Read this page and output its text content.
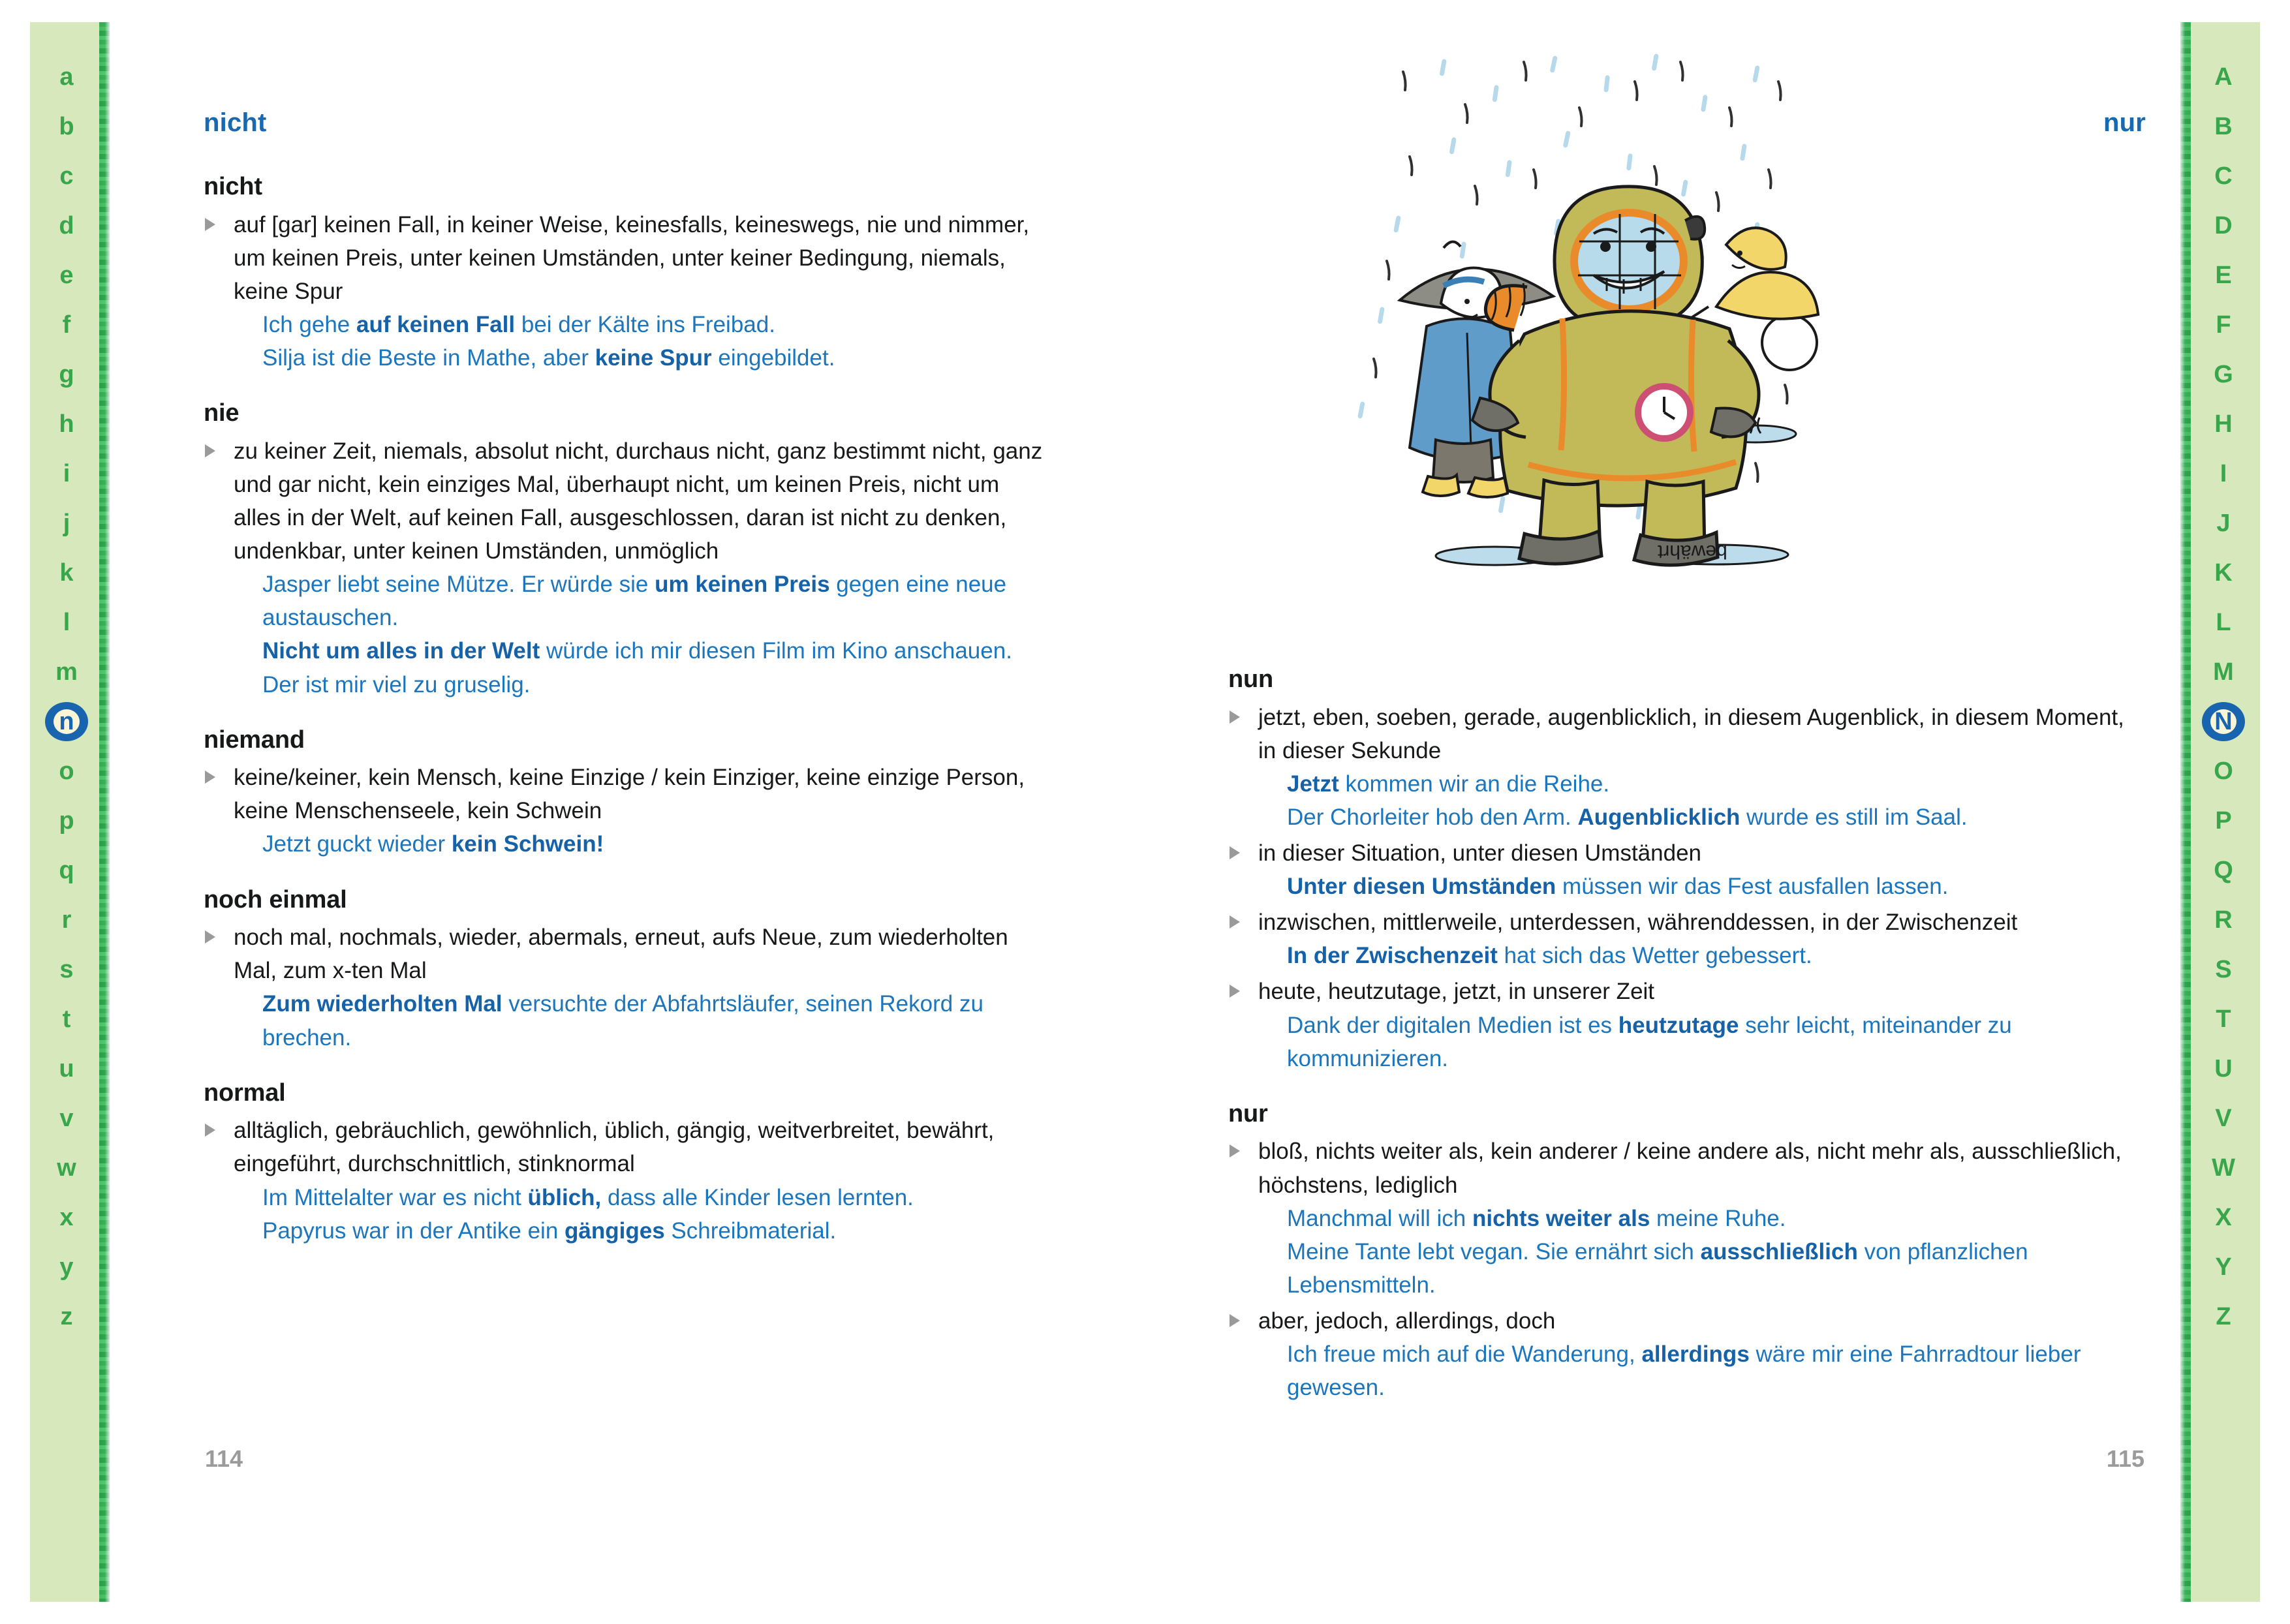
a
b
c
d
e
f
g
h
i
j
k
l
m
n
o
p
q
r
s
t
u
v
w
x
y
z
A
B
C
D
E
F
G
H
I
J
K
L
M
N
O
P
Q
R
S
T
U
V
W
X
Y
Z
nicht
nicht

auf [gar] keinen Fall, in keiner Weise, keinesfalls, keineswegs, nie und nimmer, um keinen Preis, unter keinen Umständen, unter keiner Bedingung, niemals, keine Spur

Ich gehe auf keinen Fall bei der Kälte ins Freibad.

Silja ist die Beste in Mathe, aber keine Spur eingebildet.

nie

zu keiner Zeit, niemals, absolut nicht, durchaus nicht, ganz bestimmt nicht, ganz und gar nicht, kein einziges Mal, überhaupt nicht, um keinen Preis, nicht um alles in der Welt, auf keinen Fall, ausgeschlossen, daran ist nicht zu denken, undenkbar, unter keinen Umständen, unmöglich

Jasper liebt seine Mütze. Er würde sie um keinen Preis gegen eine neue austauschen.

Nicht um alles in der Welt würde ich mir diesen Film im Kino anschauen. Der ist mir viel zu gruselig.

niemand

keine/keiner, kein Mensch, keine Einzige / kein Einziger, keine einzige Person, keine Menschenseele, kein Schwein

Jetzt guckt wieder kein Schwein!

noch einmal

noch mal, nochmals, wieder, abermals, erneut, aufs Neue, zum wiederholten Mal, zum x-ten Mal

Zum wiederholten Mal versuchte der Abfahrtsläufer, seinen Rekord zu brechen.

normal

alltäglich, gebräuchlich, gewöhnlich, üblich, gängig, weitverbreitet, bewährt, eingeführt, durchschnittlich, stinknormal

Im Mittelalter war es nicht üblich, dass alle Kinder lesen lernten.

Papyrus war in der Antike ein gängiges Schreibmaterial.

114
nur
nun

jetzt, eben, soeben, gerade, augenblicklich, in diesem Augenblick, in diesem Moment, in dieser Sekunde

Jetzt kommen wir an die Reihe.

Der Chorleiter hob den Arm. Augenblicklich wurde es still im Saal.

in dieser Situation, unter diesen Umständen

Unter diesen Umständen müssen wir das Fest ausfallen lassen.

inzwischen, mittlerweile, unterdessen, währenddessen, in der Zwischenzeit

In der Zwischenzeit hat sich das Wetter gebessert.

heute, heutzutage, jetzt, in unserer Zeit

Dank der digitalen Medien ist es heutzutage sehr leicht, miteinander zu kommunizieren.

nur

bloß, nichts weiter als, kein anderer / keine andere als, nicht mehr als, ausschließlich, höchstens, lediglich

Manchmal will ich nichts weiter als meine Ruhe.

Meine Tante lebt vegan. Sie ernährt sich ausschließlich von pflanzlichen Lebensmitteln.

aber, jedoch, allerdings, doch

Ich freue mich auf die Wanderung, allerdings wäre mir eine Fahrradtour lieber gewesen.

115
bewährt
